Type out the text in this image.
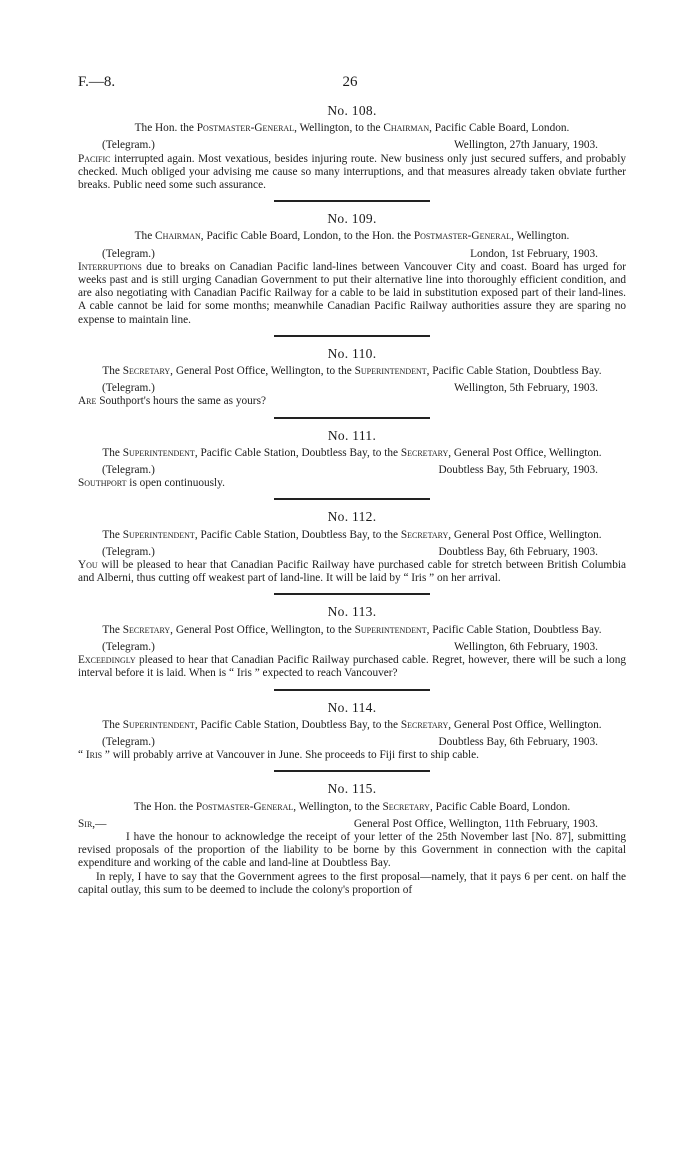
F.—8.	26
No. 108.
The Hon. the Postmaster-General, Wellington, to the Chairman, Pacific Cable Board, London.
(Telegram.)	Wellington, 27th January, 1903.

Pacific interrupted again. Most vexatious, besides injuring route. New business only just secured suffers, and probably checked. Much obliged your advising me cause so many interruptions, and that measures already taken obviate further breaks. Public need some such assurance.

No. 109.
The Chairman, Pacific Cable Board, London, to the Hon. the Postmaster-General, Wellington.
(Telegram.)	London, 1st February, 1903.

Interruptions due to breaks on Canadian Pacific land-lines between Vancouver City and coast. Board has urged for weeks past and is still urging Canadian Government to put their alternative line into thoroughly efficient condition, and are also negotiating with Canadian Pacific Railway for a cable to be laid in substitution exposed part of their land-lines. A cable cannot be laid for some months; meanwhile Canadian Pacific Railway authorities assure they are sparing no expense to maintain line.

No. 110.
The Secretary, General Post Office, Wellington, to the Superintendent, Pacific Cable Station, Doubtless Bay.
(Telegram.)	Wellington, 5th February, 1903.

Are Southport's hours the same as yours?

No. 111.
The Superintendent, Pacific Cable Station, Doubtless Bay, to the Secretary, General Post Office, Wellington.
(Telegram.)	Doubtless Bay, 5th February, 1903.

Southport is open continuously.

No. 112.
The Superintendent, Pacific Cable Station, Doubtless Bay, to the Secretary, General Post Office, Wellington.
(Telegram.)	Doubtless Bay, 6th February, 1903.

You will be pleased to hear that Canadian Pacific Railway have purchased cable for stretch between British Columbia and Alberni, thus cutting off weakest part of land-line. It will be laid by “ Iris ” on her arrival.

No. 113.
The Secretary, General Post Office, Wellington, to the Superintendent, Pacific Cable Station, Doubtless Bay.
(Telegram.)	Wellington, 6th February, 1903.

Exceedingly pleased to hear that Canadian Pacific Railway purchased cable. Regret, however, there will be such a long interval before it is laid. When is “ Iris ” expected to reach Vancouver?

No. 114.
The Superintendent, Pacific Cable Station, Doubtless Bay, to the Secretary, General Post Office, Wellington.
(Telegram.)	Doubtless Bay, 6th February, 1903.

“ Iris ” will probably arrive at Vancouver in June. She proceeds to Fiji first to ship cable.

No. 115.
The Hon. the Postmaster-General, Wellington, to the Secretary, Pacific Cable Board, London.
Sir,—	General Post Office, Wellington, 11th February, 1903.

I have the honour to acknowledge the receipt of your letter of the 25th November last [No. 87], submitting revised proposals of the proportion of the liability to be borne by this Government in connection with the capital expenditure and working of the cable and land-line at Doubtless Bay.

In reply, I have to say that the Government agrees to the first proposal—namely, that it pays 6 per cent. on half the capital outlay, this sum to be deemed to include the colony's proportion of
